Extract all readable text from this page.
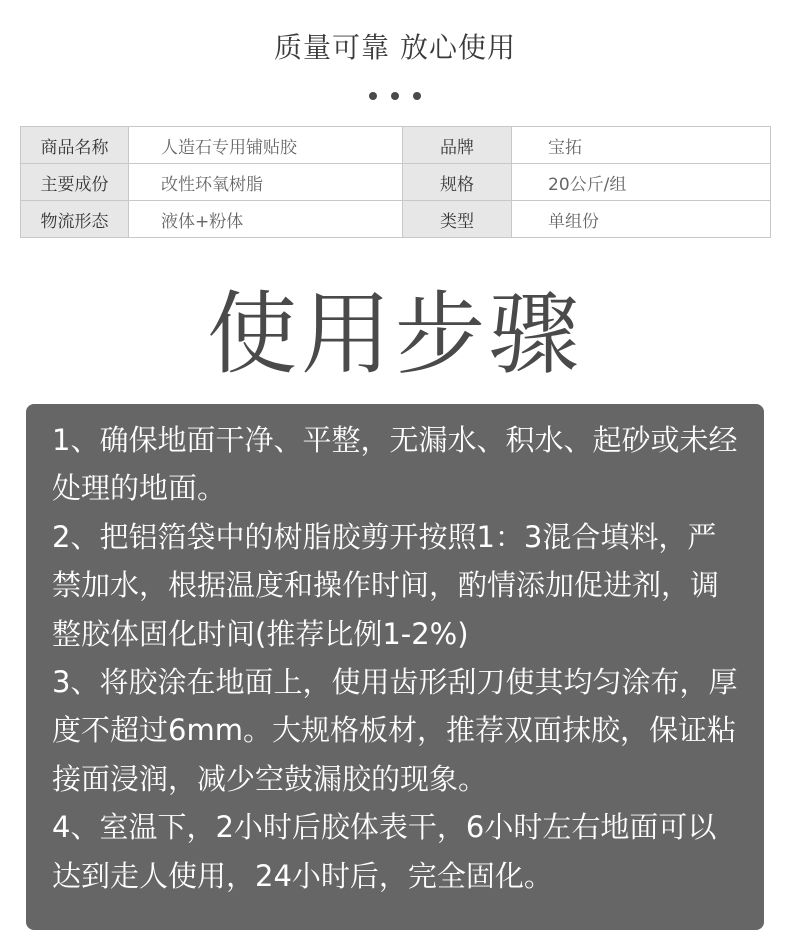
质量可靠 放心使用
商品名称	人造石专用铺贴胶	品牌	宝拓
主要成份	改性环氧树脂	规格	20公斤/组
物流形态	液体+粉体	类型	单组份
使用步骤

1、确保地面干净、平整，无漏水、积水、起砂或未经处理的地面。

2、把铝箔袋中的树脂胶剪开按照1：3混合填料，严禁加水，根据温度和操作时间，酌情添加促进剂，调整胶体固化时间(推荐比例1-2%)

3、将胶涂在地面上，使用齿形刮刀使其均匀涂布，厚度不超过6mm。大规格板材，推荐双面抹胶，保证粘接面浸润，减少空鼓漏胶的现象。

4、室温下，2小时后胶体表干，6小时左右地面可以达到走人使用，24小时后，完全固化。
